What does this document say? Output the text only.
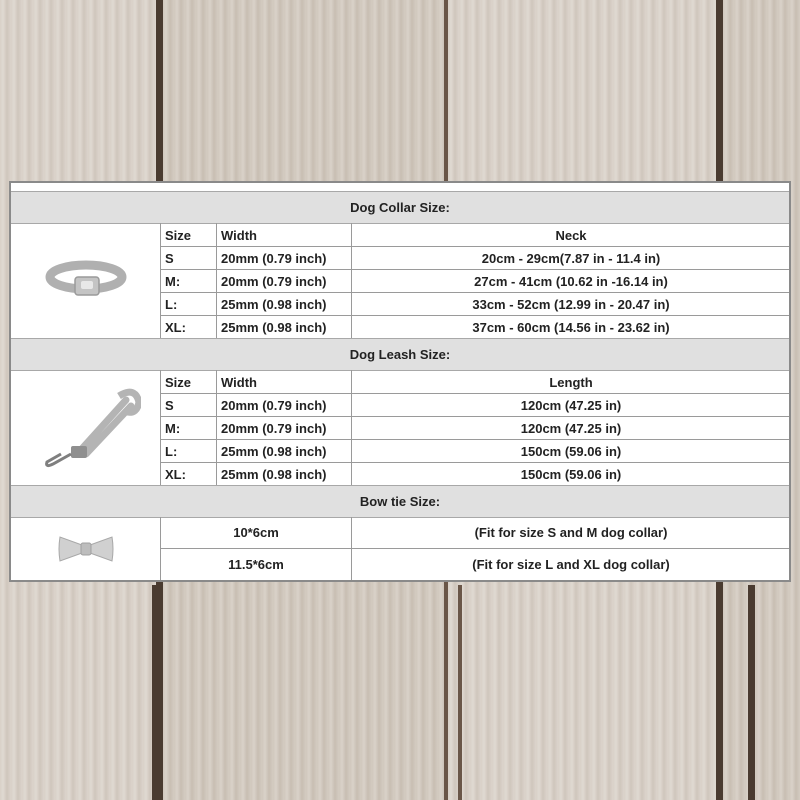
Dog Collar Size:
Size	Width	Neck
S	20mm (0.79 inch)	20cm - 29cm(7.87 in - 11.4 in)
M:	20mm (0.79 inch)	27cm - 41cm (10.62 in -16.14 in)
L:	25mm (0.98 inch)	33cm - 52cm (12.99 in - 20.47 in)
XL:	25mm (0.98 inch)	37cm - 60cm (14.56 in - 23.62 in)
Dog Leash Size:
Size	Width	Length
S	20mm (0.79 inch)	120cm (47.25 in)
M:	20mm (0.79 inch)	120cm (47.25 in)
L:	25mm (0.98 inch)	150cm (59.06 in)
XL:	25mm (0.98 inch)	150cm (59.06 in)
Bow tie Size:
10*6cm	(Fit for size S and M dog collar)
11.5*6cm	(Fit for size L and XL dog collar)
